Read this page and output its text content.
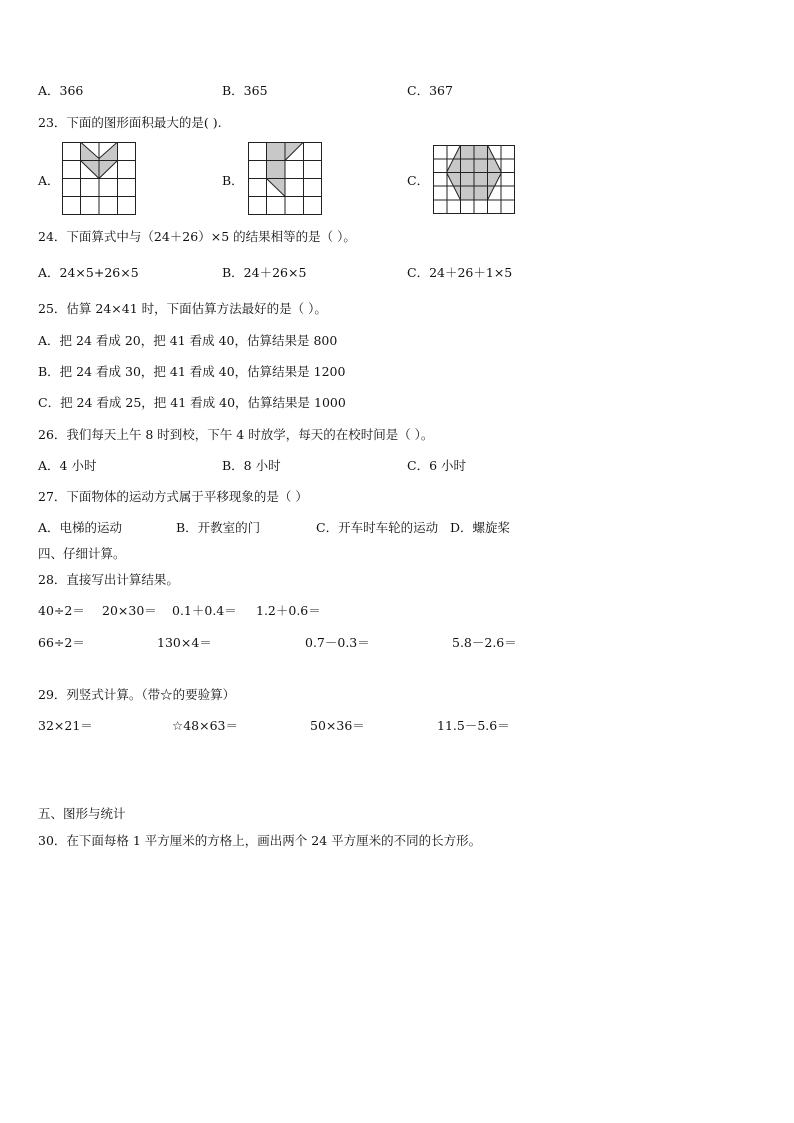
A．366	B．365	C．367
23．下面的图形面积最大的是( ).
A．	B．	C．
24．下面算式中与（24＋26）×5 的结果相等的是（ ）。
A．24×5+26×5	B．24＋26×5	C．24＋26＋1×5
25．估算 24×41 时，下面估算方法最好的是（ ）。
A．把 24 看成 20，把 41 看成 40，估算结果是 800
B．把 24 看成 30，把 41 看成 40，估算结果是 1200
C．把 24 看成 25，把 41 看成 40，估算结果是 1000
26．我们每天上午 8 时到校，下午 4 时放学，每天的在校时间是（ ）。
A．4 小时	B．8 小时	C．6 小时
27．下面物体的运动方式属于平移现象的是（ ）
A．电梯的运动	B．开教室的门	C．开车时车轮的运动 D．螺旋桨
四、仔细计算。
28．直接写出计算结果。
40÷2＝ 20×30＝ 0.1＋0.4＝ 1.2＋0.6＝
66÷2＝	130×4＝	0.7－0.3＝	5.8－2.6＝
29．列竖式计算。（带☆的要验算）
32×21＝	☆48×63＝	50×36＝	11.5－5.6＝
五、图形与统计
30．在下面每格 1 平方厘米的方格上，画出两个 24 平方厘米的不同的长方形。
